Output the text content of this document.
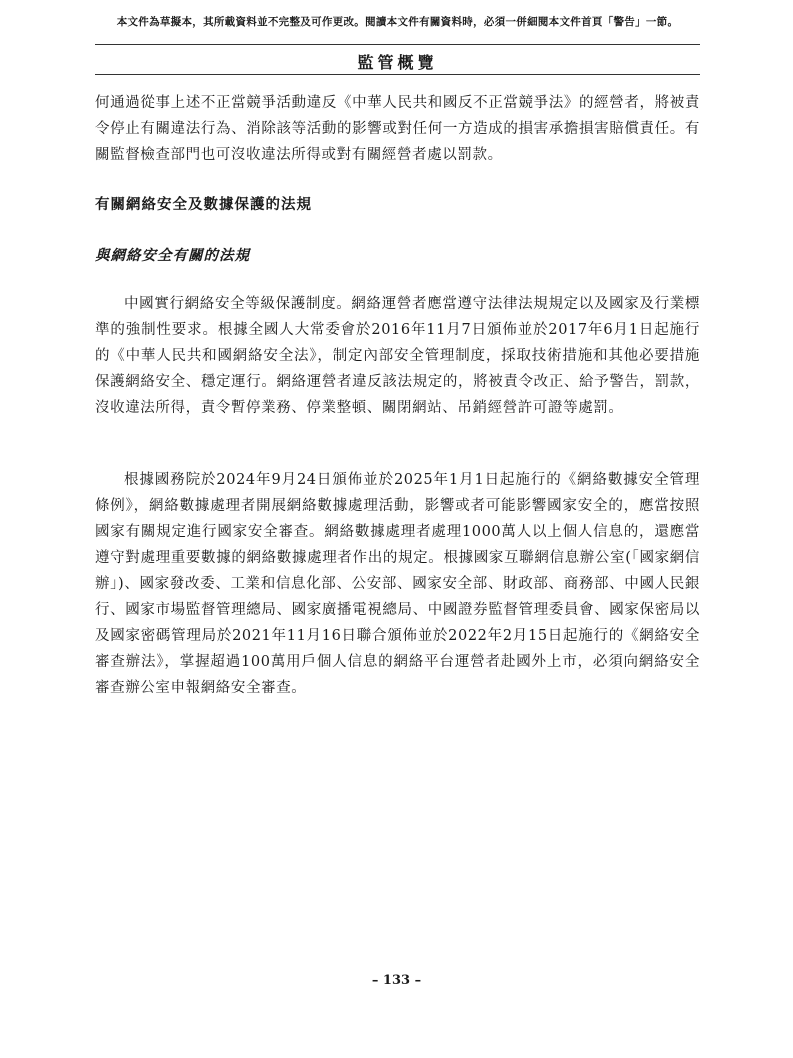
本文件為草擬本，其所載資料並不完整及可作更改。閱讀本文件有關資料時，必須一併細閱本文件首頁「警告」一節。
監管概覽

何通過從事上述不正當競爭活動違反《中華人民共和國反不正當競爭法》的經營者，將被責令停止有關違法行為、消除該等活動的影響或對任何一方造成的損害承擔損害賠償責任。有關監督檢查部門也可沒收違法所得或對有關經營者處以罰款。

有關網絡安全及數據保護的法規
與網絡安全有關的法規

中國實行網絡安全等級保護制度。網絡運營者應當遵守法律法規規定以及國家及行業標準的強制性要求。根據全國人大常委會於2016年11月7日頒佈並於2017年6月1日起施行的《中華人民共和國網絡安全法》，制定內部安全管理制度，採取技術措施和其他必要措施保護網絡安全、穩定運行。網絡運營者違反該法規定的，將被責令改正、給予警告，罰款，沒收違法所得，責令暫停業務、停業整頓、關閉網站、吊銷經營許可證等處罰。

根據國務院於2024年9月24日頒佈並於2025年1月1日起施行的《網絡數據安全管理條例》，網絡數據處理者開展網絡數據處理活動，影響或者可能影響國家安全的，應當按照國家有關規定進行國家安全審查。網絡數據處理者處理1000萬人以上個人信息的，還應當遵守對處理重要數據的網絡數據處理者作出的規定。根據國家互聯網信息辦公室(「國家網信辦」)、國家發改委、工業和信息化部、公安部、國家安全部、財政部、商務部、中國人民銀行、國家市場監督管理總局、國家廣播電視總局、中國證券監督管理委員會、國家保密局以及國家密碼管理局於2021年11月16日聯合頒佈並於2022年2月15日起施行的《網絡安全審查辦法》，掌握超過100萬用戶個人信息的網絡平台運營者赴國外上市，必須向網絡安全審查辦公室申報網絡安全審查。

– 133 –
